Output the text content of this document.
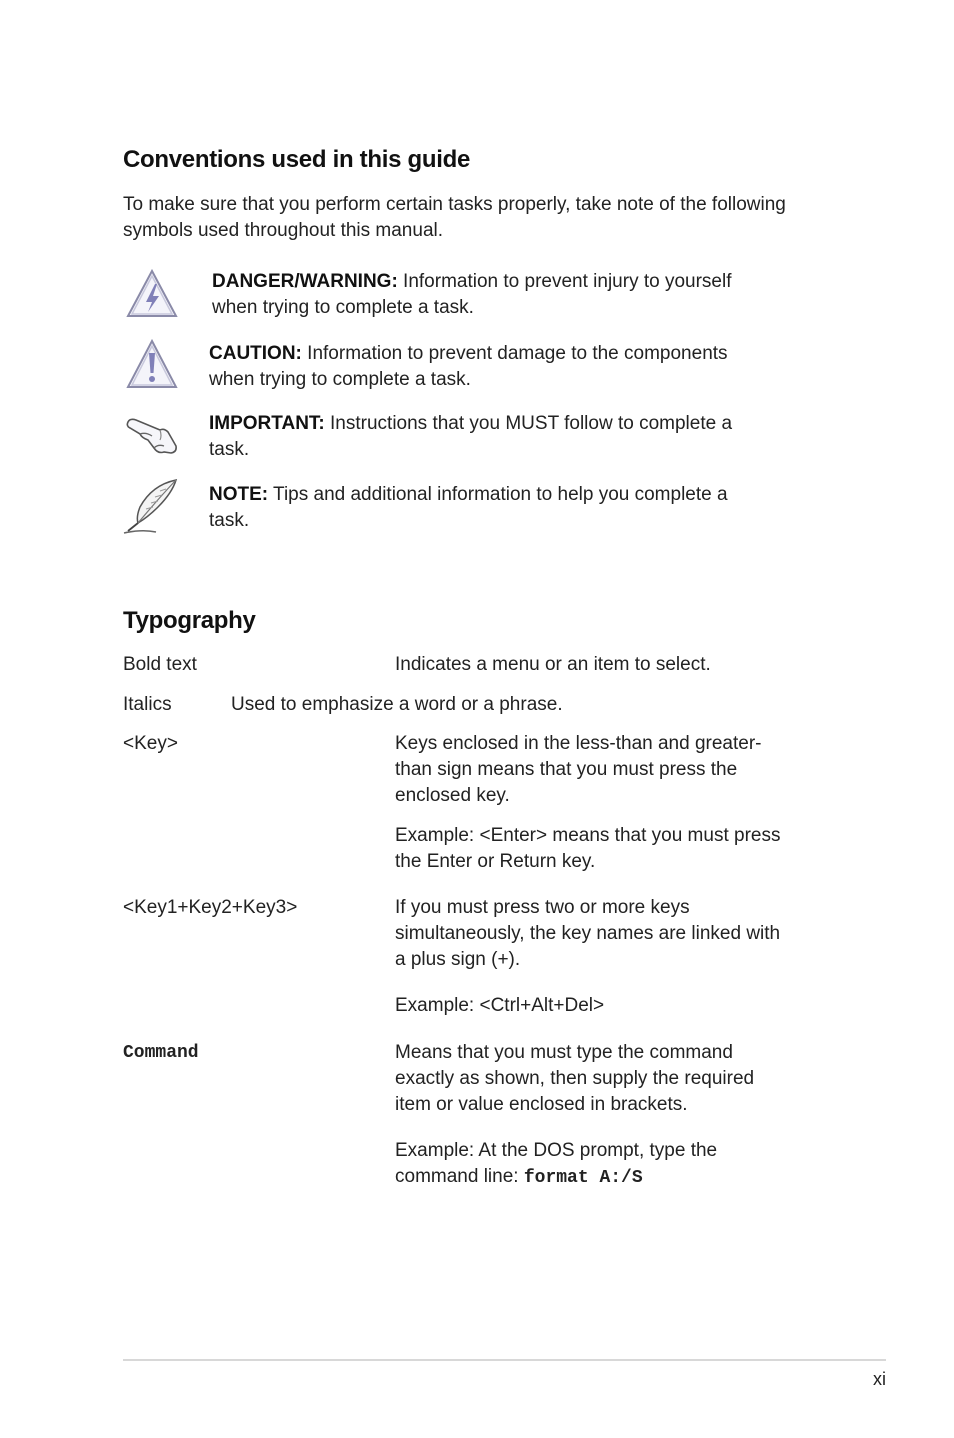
Conventions used in this guide
To make sure that you perform certain tasks properly, take note of the following symbols used throughout this manual.
DANGER/WARNING: Information to prevent injury to yourself when trying to complete a task.
CAUTION: Information to prevent damage to the components when trying to complete a task.
IMPORTANT: Instructions that you MUST follow to complete a task.
NOTE: Tips and additional information to help you complete a task.
Typography
Bold text	Indicates a menu or an item to select.
Italics	Used to emphasize a word or a phrase.
<Key>	Keys enclosed in the less-than and greater-than sign means that you must press the enclosed key.
Example: <Enter> means that you must press the Enter or Return key.
<Key1+Key2+Key3>	If you must press two or more keys simultaneously, the key names are linked with a plus sign (+).
Example: <Ctrl+Alt+Del>
Command	Means that you must type the command exactly as shown, then supply the required item or value enclosed in brackets.
Example: At the DOS prompt, type the command line: format A:/S
xi
